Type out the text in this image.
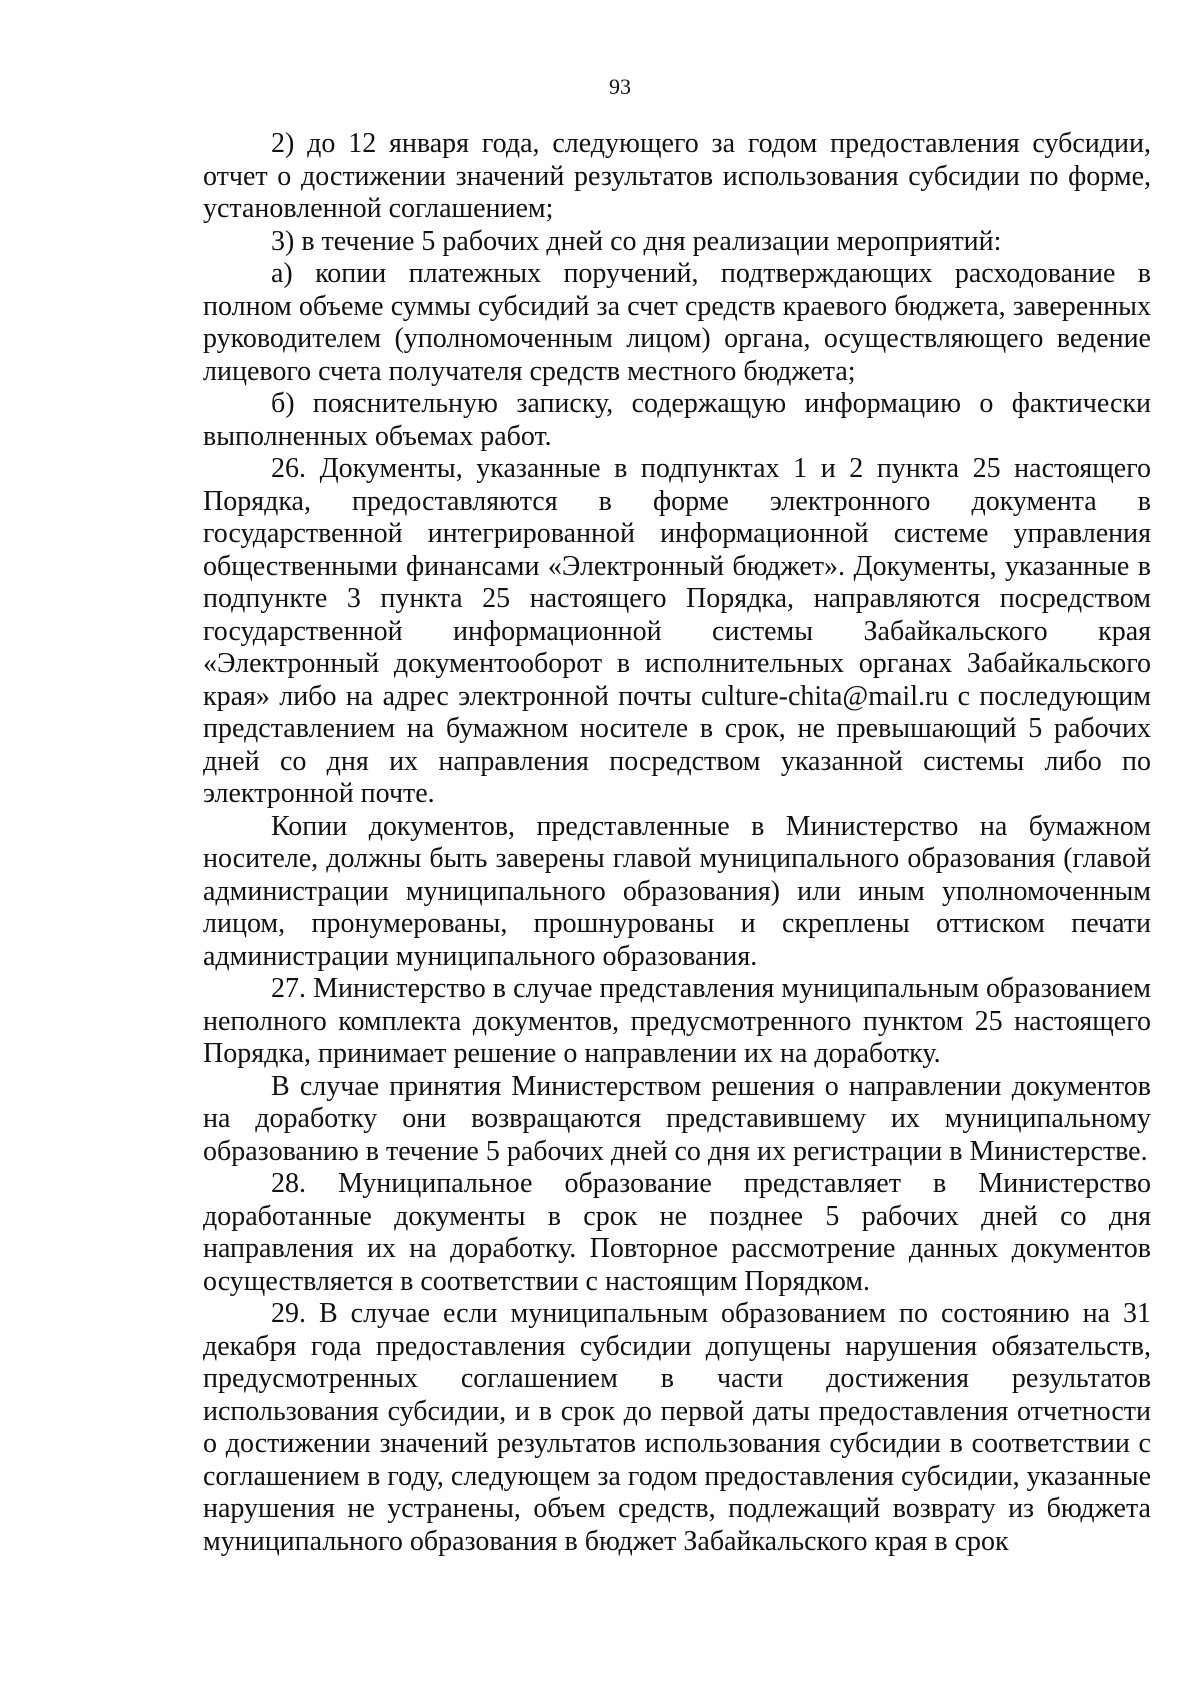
93

2) до 12 января года, следующего за годом предоставления субсидии, отчет о достижении значений результатов использования субсидии по форме, установленной соглашением;

3) в течение 5 рабочих дней со дня реализации мероприятий:

а) копии платежных поручений, подтверждающих расходование в полном объеме суммы субсидий за счет средств краевого бюджета, заверенных руководителем (уполномоченным лицом) органа, осуществляющего ведение лицевого счета получателя средств местного бюджета;

б) пояснительную записку, содержащую информацию о фактически выполненных объемах работ.

26. Документы, указанные в подпунктах 1 и 2 пункта 25 настоящего Порядка, предоставляются в форме электронного документа в государственной интегрированной информационной системе управления общественными финансами «Электронный бюджет». Документы, указанные в подпункте 3 пункта 25 настоящего Порядка, направляются посредством государственной информационной системы Забайкальского края «Электронный документооборот в исполнительных органах Забайкальского края» либо на адрес электронной почты culture-chita@mail.ru с последующим представлением на бумажном носителе в срок, не превышающий 5 рабочих дней со дня их направления посредством указанной системы либо по электронной почте.

Копии документов, представленные в Министерство на бумажном носителе, должны быть заверены главой муниципального образования (главой администрации муниципального образования) или иным уполномоченным лицом, пронумерованы, прошнурованы и скреплены оттиском печати администрации муниципального образования.

27. Министерство в случае представления муниципальным образованием неполного комплекта документов, предусмотренного пунктом 25 настоящего Порядка, принимает решение о направлении их на доработку.

В случае принятия Министерством решения о направлении документов на доработку они возвращаются представившему их муниципальному образованию в течение 5 рабочих дней со дня их регистрации в Министерстве.

28. Муниципальное образование представляет в Министерство доработанные документы в срок не позднее 5 рабочих дней со дня направления их на доработку. Повторное рассмотрение данных документов осуществляется в соответствии с настоящим Порядком.

29. В случае если муниципальным образованием по состоянию на 31 декабря года предоставления субсидии допущены нарушения обязательств, предусмотренных соглашением в части достижения результатов использования субсидии, и в срок до первой даты предоставления отчетности о достижении значений результатов использования субсидии в соответствии с соглашением в году, следующем за годом предоставления субсидии, указанные нарушения не устранены, объем средств, подлежащий возврату из бюджета муниципального образования в бюджет Забайкальского края в срок
